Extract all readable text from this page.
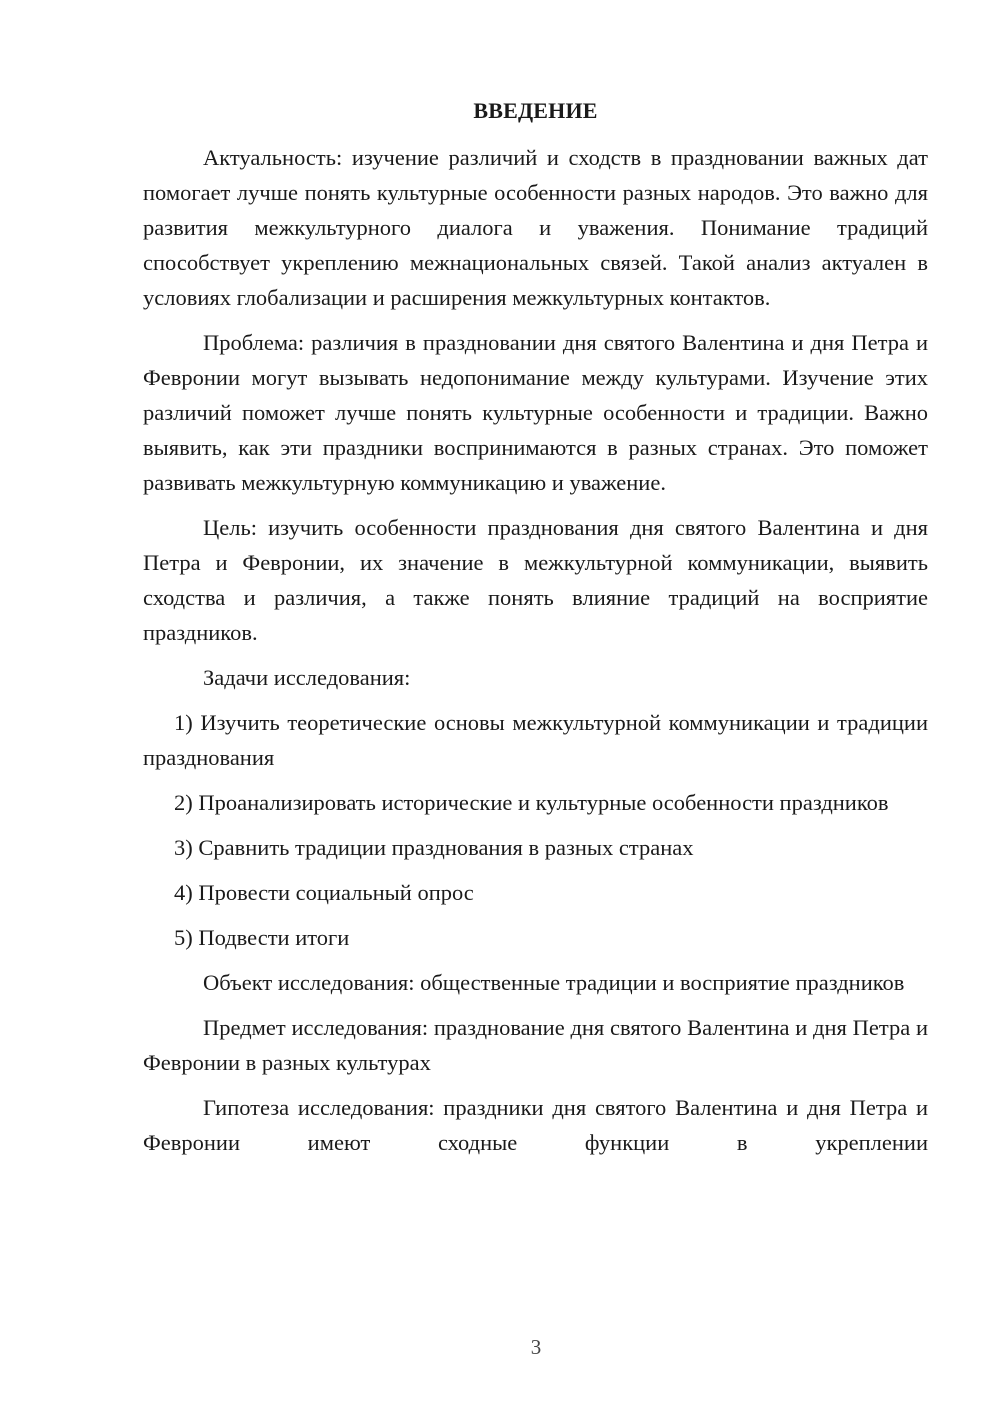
ВВЕДЕНИЕ
Актуальность: изучение различий и сходств в праздновании важных дат помогает лучше понять культурные особенности разных народов. Это важно для развития межкультурного диалога и уважения. Понимание традиций способствует укреплению межнациональных связей. Такой анализ актуален в условиях глобализации и расширения межкультурных контактов.
Проблема: различия в праздновании дня святого Валентина и дня Петра и Февронии могут вызывать недопонимание между культурами. Изучение этих различий поможет лучше понять культурные особенности и традиции. Важно выявить, как эти праздники воспринимаются в разных странах. Это поможет развивать межкультурную коммуникацию и уважение.
Цель: изучить особенности празднования дня святого Валентина и дня Петра и Февронии, их значение в межкультурной коммуникации, выявить сходства и различия, а также понять влияние традиций на восприятие праздников.
Задачи исследования:
1) Изучить теоретические основы межкультурной коммуникации и традиции празднования
2) Проанализировать исторические и культурные особенности праздников
3) Сравнить традиции празднования в разных странах
4) Провести социальный опрос
5) Подвести итоги
Объект исследования: общественные традиции и восприятие праздников
Предмет исследования: празднование дня святого Валентина и дня Петра и Февронии в разных культурах
Гипотеза исследования: праздники дня святого Валентина и дня Петра и Февронии имеют сходные функции в укреплении
3
